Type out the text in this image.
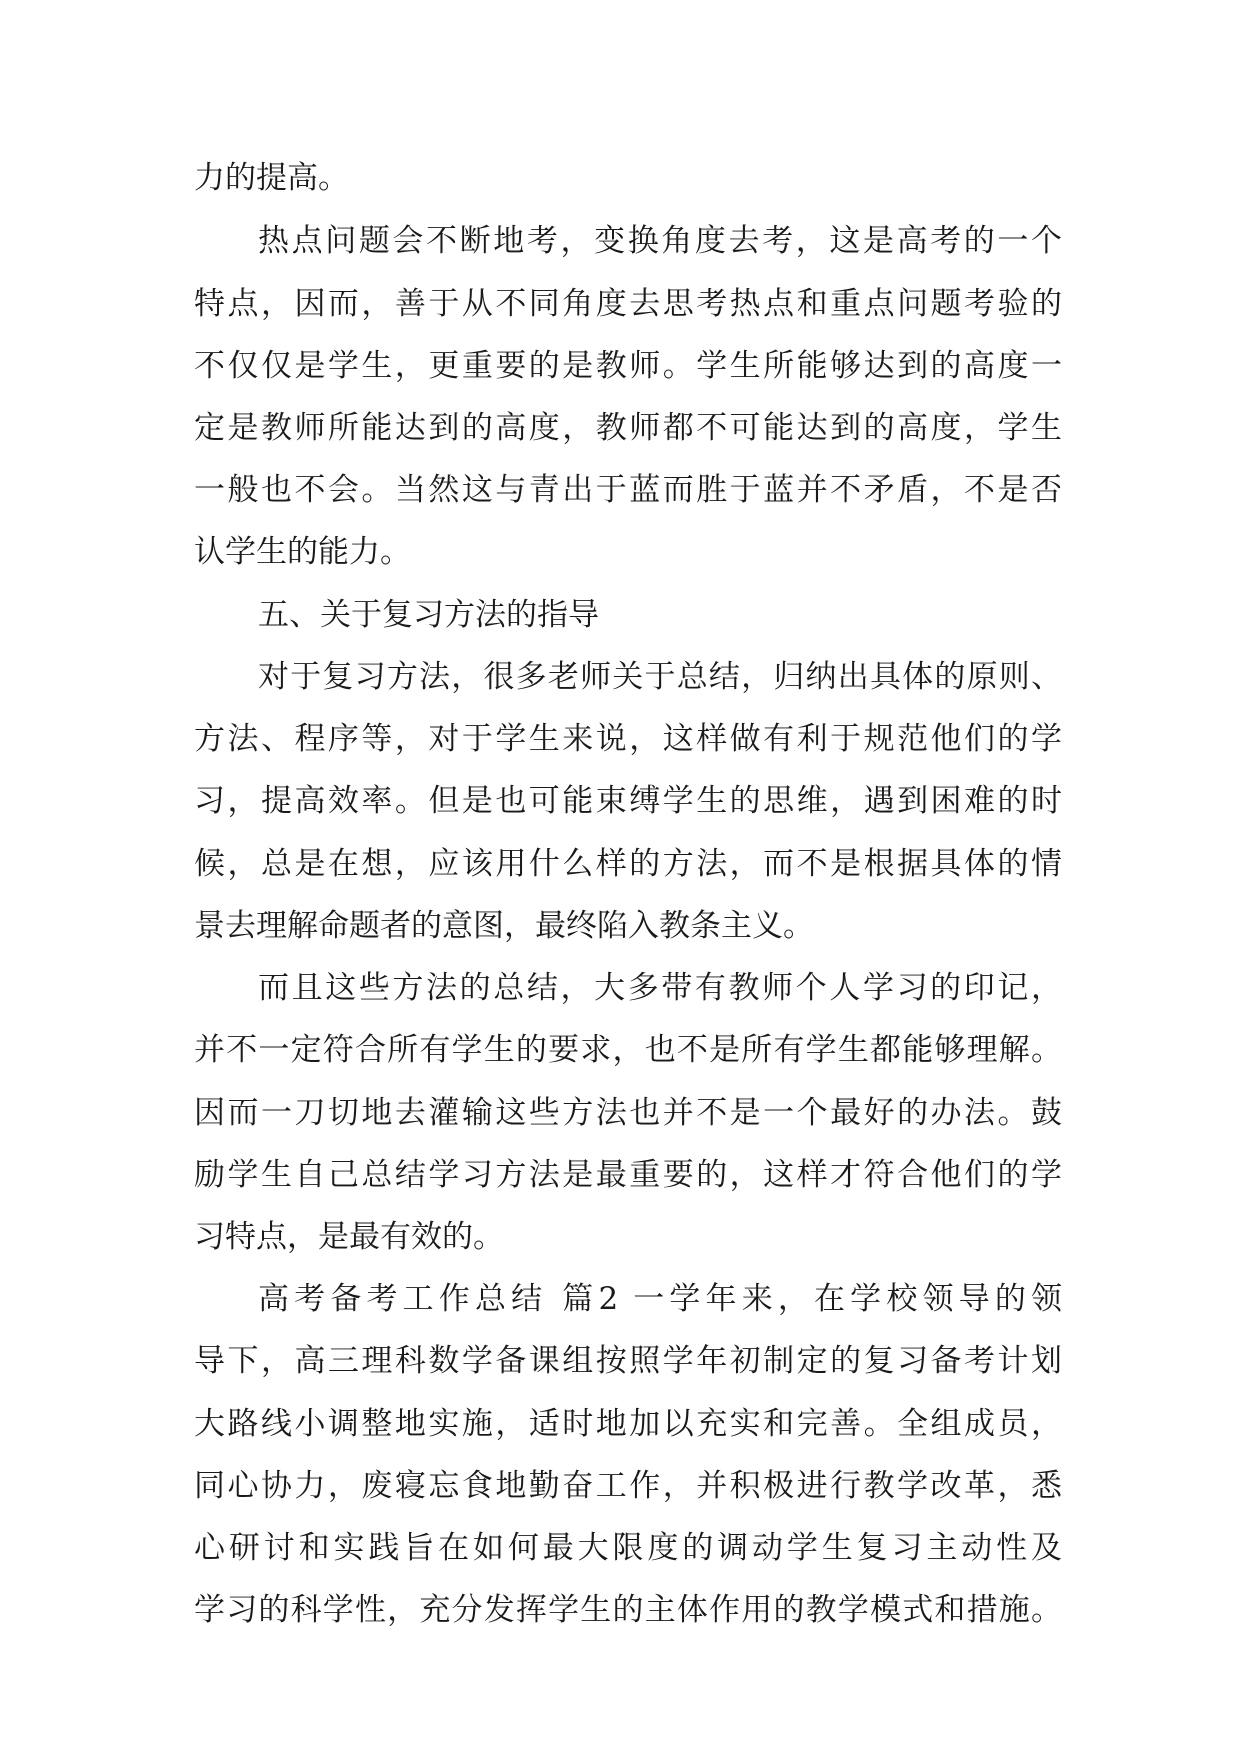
力的提高。
热点问题会不断地考，变换角度去考，这是高考的一个
特点，因而，善于从不同角度去思考热点和重点问题考验的
不仅仅是学生，更重要的是教师。学生所能够达到的高度一
定是教师所能达到的高度，教师都不可能达到的高度，学生
一般也不会。当然这与青出于蓝而胜于蓝并不矛盾，不是否
认学生的能力。
五、关于复习方法的指导
对于复习方法，很多老师关于总结，归纳出具体的原则、
方法、程序等，对于学生来说，这样做有利于规范他们的学
习，提高效率。但是也可能束缚学生的思维，遇到困难的时
候，总是在想，应该用什么样的方法，而不是根据具体的情
景去理解命题者的意图，最终陷入教条主义。
而且这些方法的总结，大多带有教师个人学习的印记，
并不一定符合所有学生的要求，也不是所有学生都能够理解。
因而一刀切地去灌输这些方法也并不是一个最好的办法。鼓
励学生自己总结学习方法是最重要的，这样才符合他们的学
习特点，是最有效的。
高考备考工作总结 篇2 一学年来，在学校领导的领
导下，高三理科数学备课组按照学年初制定的复习备考计划
大路线小调整地实施，适时地加以充实和完善。全组成员，
同心协力，废寝忘食地勤奋工作，并积极进行教学改革，悉
心研讨和实践旨在如何最大限度的调动学生复习主动性及
学习的科学性，充分发挥学生的主体作用的教学模式和措施。
